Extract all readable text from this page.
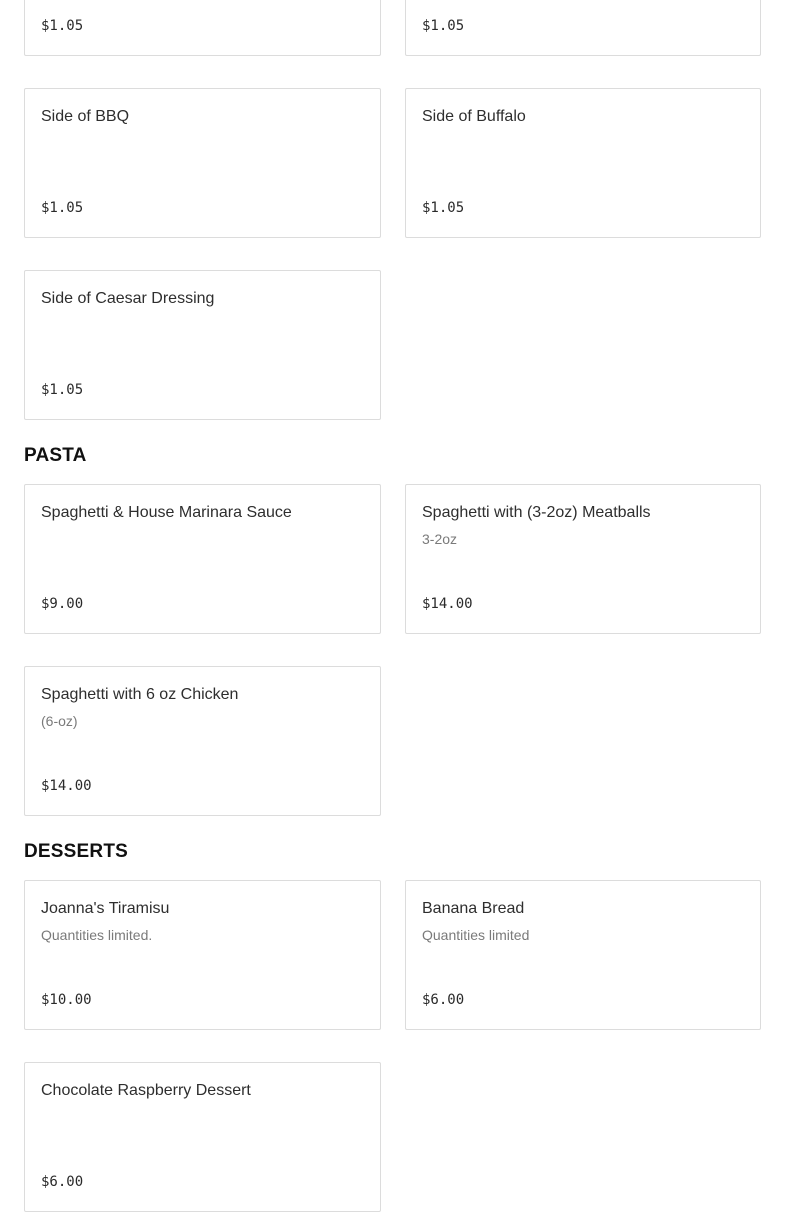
$1.05	$1.05
Side of BBQ
$1.05
Side of Buffalo
$1.05
Side of Caesar Dressing
$1.05
PASTA
Spaghetti & House Marinara Sauce
$9.00
Spaghetti with (3-2oz) Meatballs
3-2oz
$14.00
Spaghetti with 6 oz Chicken
(6-oz)
$14.00
DESSERTS
Joanna's Tiramisu
Quantities limited.
$10.00
Banana Bread
Quantities limited
$6.00
Chocolate Raspberry Dessert
$6.00
